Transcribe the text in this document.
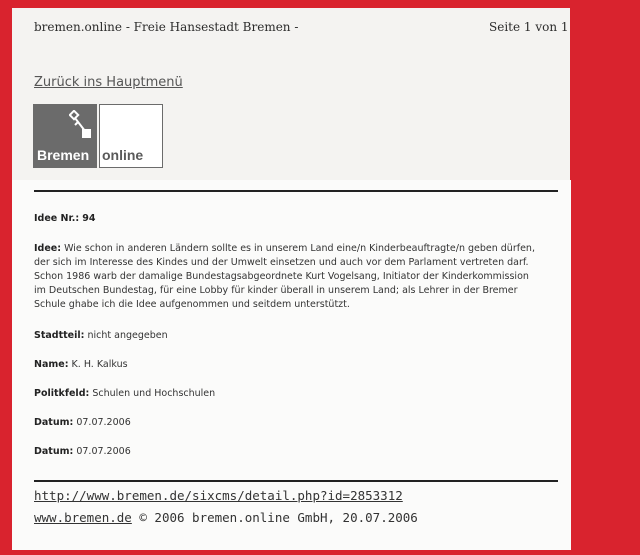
bremen.online - Freie Hansestadt Bremen -	Seite 1 von 1
Zurück ins Hauptmenü
Bremen online
Idee Nr.: 94
Idee: Wie schon in anderen Ländern sollte es in unserem Land eine/n Kinderbeauftragte/n geben dürfen,
der sich im Interesse des Kindes und der Umwelt einsetzen und auch vor dem Parlament vertreten darf.
Schon 1986 warb der damalige Bundestagsabgeordnete Kurt Vogelsang, Initiator der Kinderkommission
im Deutschen Bundestag, für eine Lobby für kinder überall in unserem Land; als Lehrer in der Bremer
Schule ghabe ich die Idee aufgenommen und seitdem unterstützt.
Stadtteil: nicht angegeben
Name: K. H. Kalkus
Politkfeld: Schulen und Hochschulen
Datum: 07.07.2006
Datum: 07.07.2006
http://www.bremen.de/sixcms/detail.php?id=2853312
www.bremen.de © 2006 bremen.online GmbH, 20.07.2006
